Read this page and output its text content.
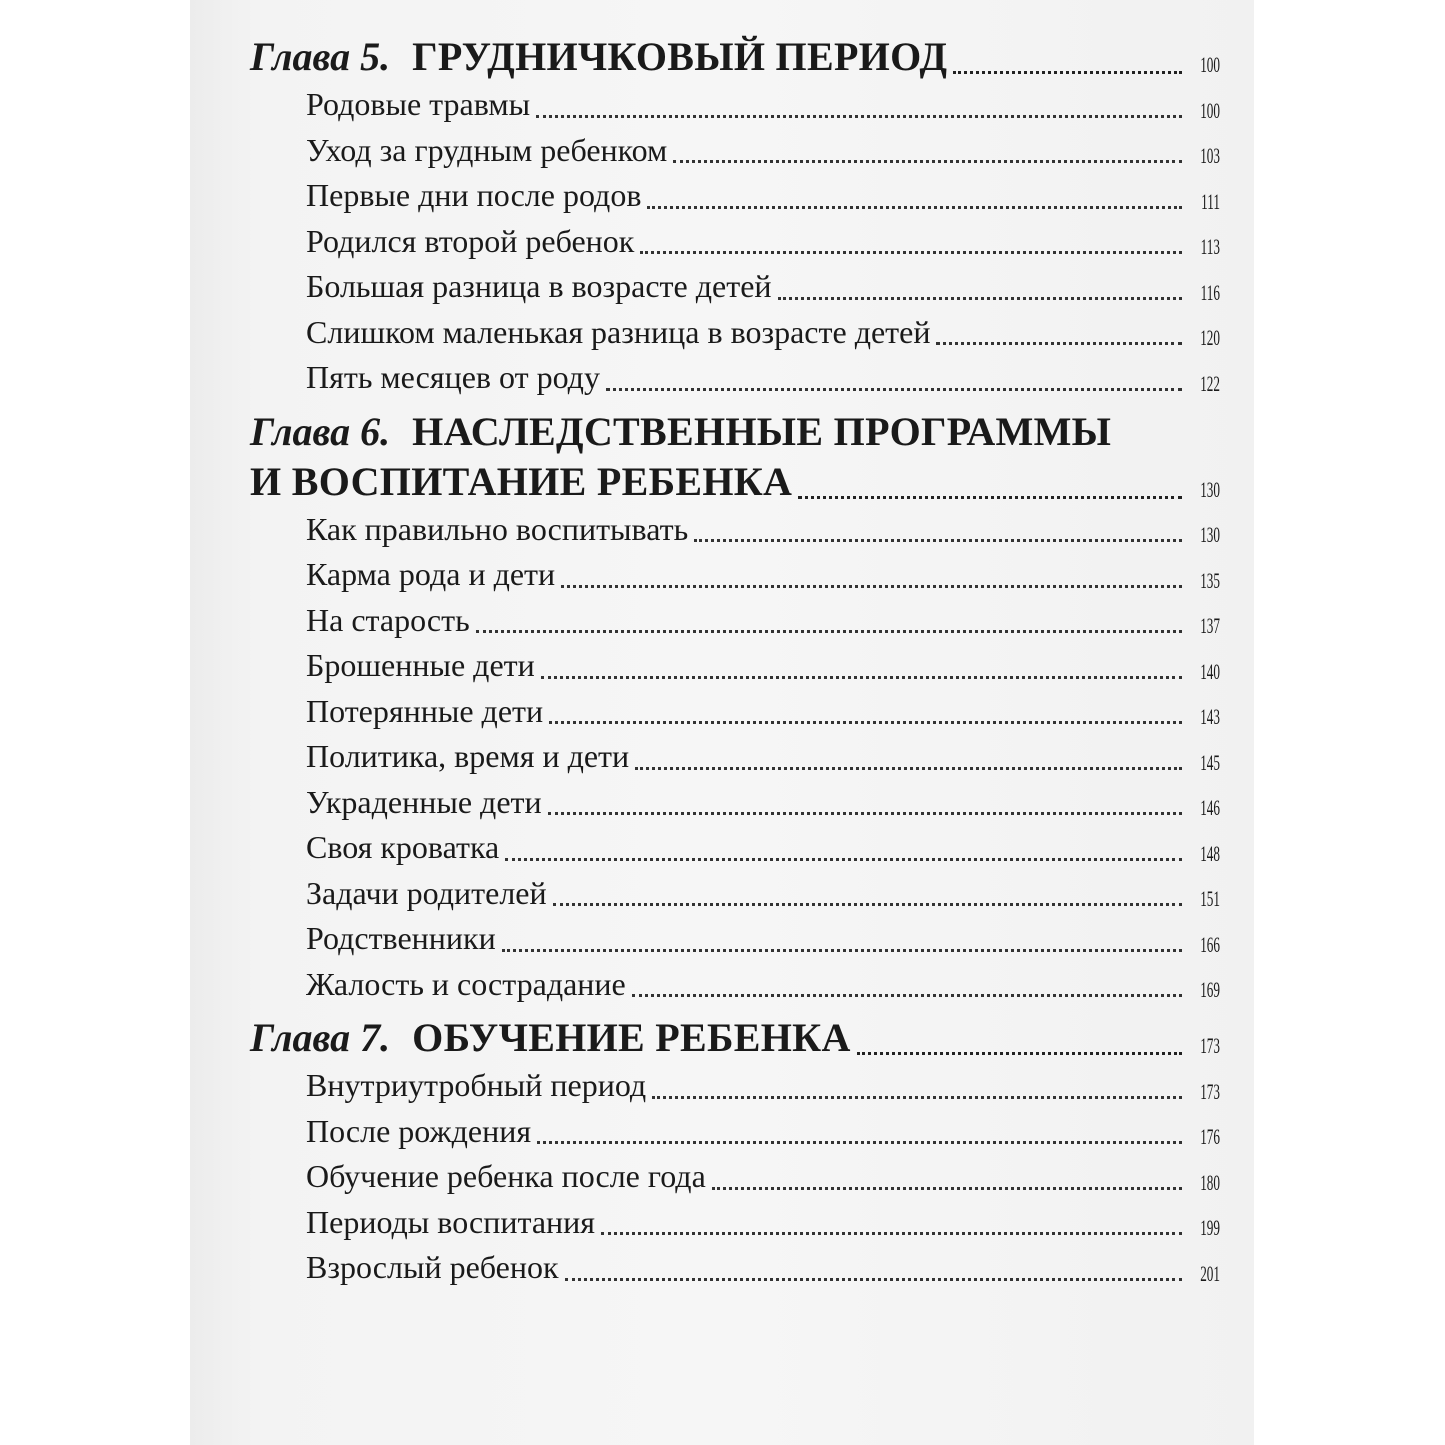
Глава 5. ГРУДНИЧКОВЫЙ ПЕРИОД	100
Родовые травмы	100
Уход за грудным ребенком	103
Первые дни после родов	111
Родился второй ребенок	113
Большая разница в возрасте детей	116
Слишком маленькая разница в возрасте детей	120
Пять месяцев от роду	122
Глава 6. НАСЛЕДСТВЕННЫЕ ПРОГРАММЫ
И ВОСПИТАНИЕ РЕБЕНКА	130
Как правильно воспитывать	130
Карма рода и дети	135
На старость	137
Брошенные дети	140
Потерянные дети	143
Политика, время и дети	145
Украденные дети	146
Своя кроватка	148
Задачи родителей	151
Родственники	166
Жалость и сострадание	169
Глава 7. ОБУЧЕНИЕ РЕБЕНКА	173
Внутриутробный период	173
После рождения	176
Обучение ребенка после года	180
Периоды воспитания	199
Взрослый ребенок	201
